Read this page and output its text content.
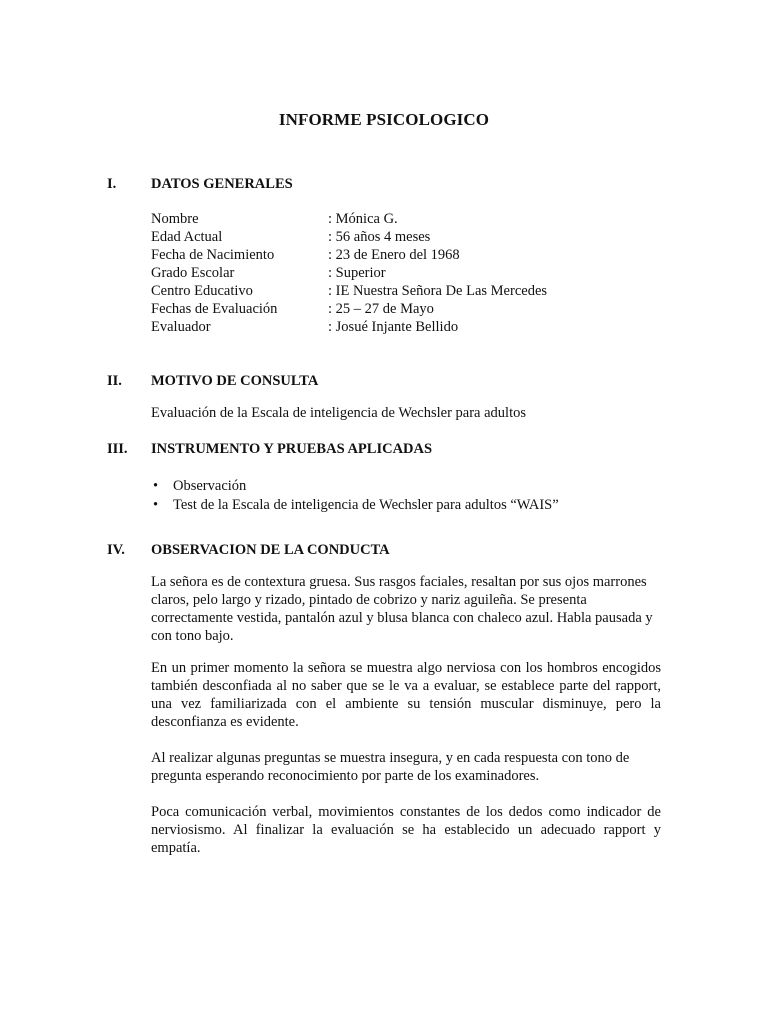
INFORME PSICOLOGICO
I. DATOS GENERALES
Nombre	: Mónica G.
Edad Actual	: 56 años 4 meses
Fecha de Nacimiento	: 23 de Enero del 1968
Grado Escolar	: Superior
Centro Educativo	: IE Nuestra Señora De Las Mercedes
Fechas de Evaluación	: 25 – 27 de Mayo
Evaluador	: Josué Injante Bellido
II. MOTIVO DE CONSULTA
Evaluación de la Escala de inteligencia de Wechsler para adultos
III. INSTRUMENTO Y PRUEBAS APLICADAS
• Observación
• Test de la Escala de inteligencia de Wechsler para adultos “WAIS”
IV. OBSERVACION DE LA CONDUCTA
La señora es de contextura gruesa. Sus rasgos faciales, resaltan por sus ojos marrones claros, pelo largo y rizado, pintado de cobrizo y nariz aguileña. Se presenta correctamente vestida, pantalón azul y blusa blanca con chaleco azul. Habla pausada y con tono bajo.
En un primer momento la señora se muestra algo nerviosa con los hombros encogidos también desconfiada al no saber que se le va a evaluar, se establece parte del rapport, una vez familiarizada con el ambiente su tensión muscular disminuye, pero la desconfianza es evidente.
Al realizar algunas preguntas se muestra insegura, y en cada respuesta con tono de pregunta esperando reconocimiento por parte de los examinadores.
Poca comunicación verbal, movimientos constantes de los dedos como indicador de nerviosismo. Al finalizar la evaluación se ha establecido un adecuado rapport y empatía.
